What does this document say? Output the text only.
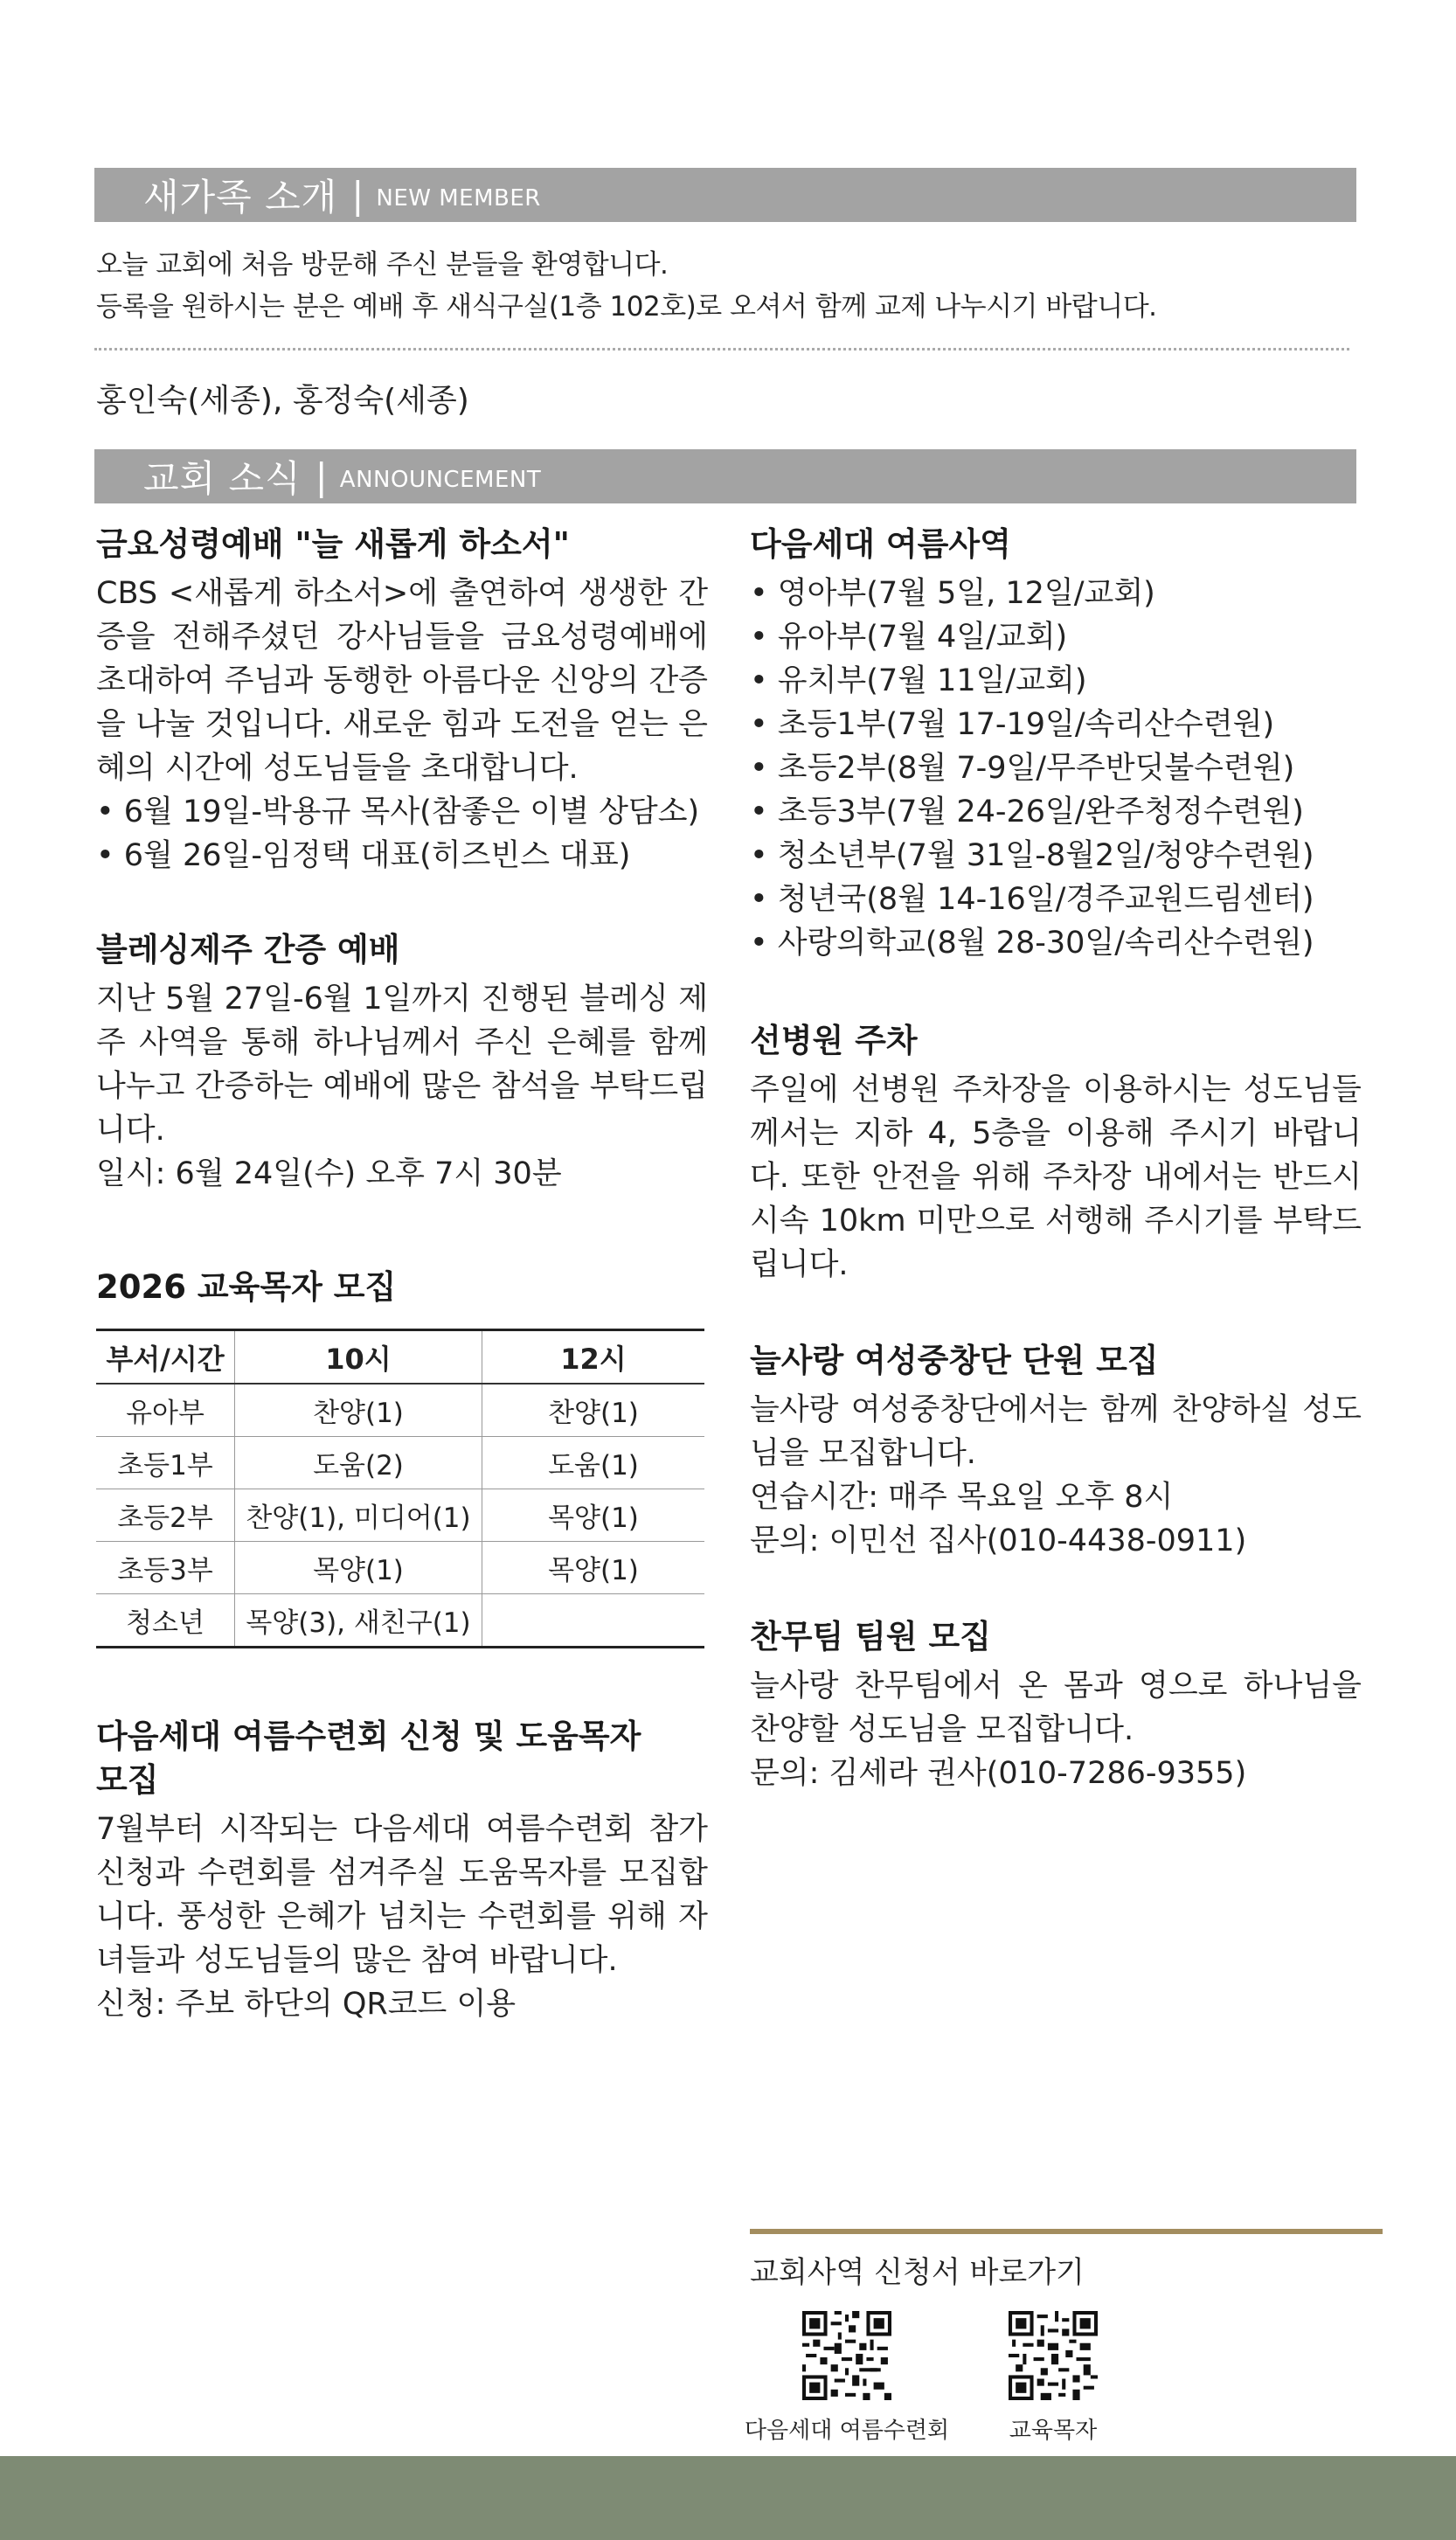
새가족 소개 | NEW MEMBER
오늘 교회에 처음 방문해 주신 분들을 환영합니다.
등록을 원하시는 분은 예배 후 새식구실(1층 102호)로 오셔서 함께 교제 나누시기 바랍니다.
홍인숙(세종), 홍정숙(세종)
교회 소식 | ANNOUNCEMENT
금요성령예배 "늘 새롭게 하소서"
CBS <새롭게 하소서>에 출연하여 생생한 간증을 전해주셨던 강사님들을 금요성령예배에 초대하여 주님과 동행한 아름다운 신앙의 간증을 나눌 것입니다. 새로운 힘과 도전을 얻는 은혜의 시간에 성도님들을 초대합니다.
• 6월 19일-박용규 목사(참좋은 이별 상담소)
• 6월 26일-임정택 대표(히즈빈스 대표)
블레싱제주 간증 예배
지난 5월 27일-6월 1일까지 진행된 블레싱 제주 사역을 통해 하나님께서 주신 은혜를 함께 나누고 간증하는 예배에 많은 참석을 부탁드립니다.
일시: 6월 24일(수) 오후 7시 30분
2026 교육목자 모집
부서/시간	10시	12시
유아부	찬양(1)	찬양(1)
초등1부	도움(2)	도움(1)
초등2부	찬양(1), 미디어(1)	목양(1)
초등3부	목양(1)	목양(1)
청소년	목양(3), 새친구(1)	
다음세대 여름수련회 신청 및 도움목자
모집
7월부터 시작되는 다음세대 여름수련회 참가신청과 수련회를 섬겨주실 도움목자를 모집합니다. 풍성한 은혜가 넘치는 수련회를 위해 자녀들과 성도님들의 많은 참여 바랍니다.
신청: 주보 하단의 QR코드 이용
다음세대 여름사역
• 영아부(7월 5일, 12일/교회)
• 유아부(7월 4일/교회)
• 유치부(7월 11일/교회)
• 초등1부(7월 17-19일/속리산수련원)
• 초등2부(8월 7-9일/무주반딧불수련원)
• 초등3부(7월 24-26일/완주청정수련원)
• 청소년부(7월 31일-8월2일/청양수련원)
• 청년국(8월 14-16일/경주교원드림센터)
• 사랑의학교(8월 28-30일/속리산수련원)
선병원 주차
주일에 선병원 주차장을 이용하시는 성도님들께서는 지하 4, 5층을 이용해 주시기 바랍니다. 또한 안전을 위해 주차장 내에서는 반드시 시속 10km 미만으로 서행해 주시기를 부탁드립니다.
늘사랑 여성중창단 단원 모집
늘사랑 여성중창단에서는 함께 찬양하실 성도님을 모집합니다.
연습시간: 매주 목요일 오후 8시
문의: 이민선 집사(010-4438-0911)
찬무팀 팀원 모집
늘사랑 찬무팀에서 온 몸과 영으로 하나님을 찬양할 성도님을 모집합니다.
문의: 김세라 권사(010-7286-9355)
교회사역 신청서 바로가기
다음세대 여름수련회	교육목자
